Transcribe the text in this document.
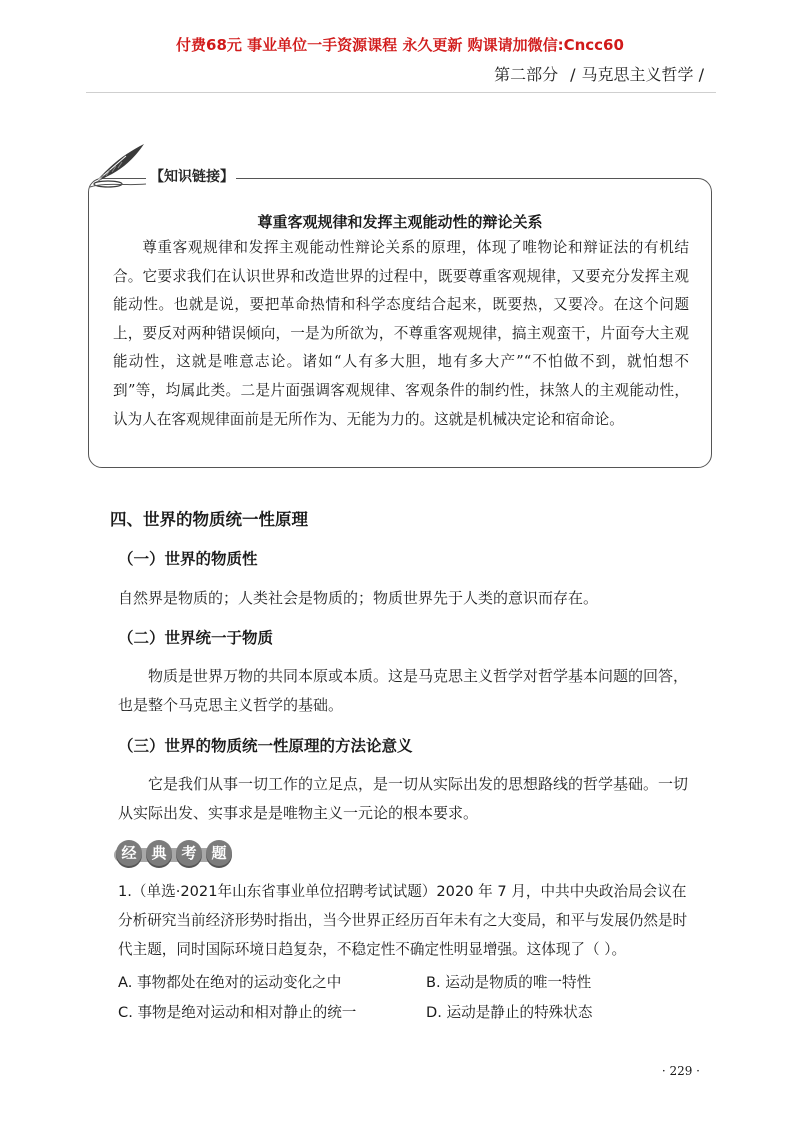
付费68元 事业单位一手资源课程 永久更新 购课请加微信:Cncc60
第二部分 / 马克思主义哲学 /
【知识链接】
尊重客观规律和发挥主观能动性的辩论关系

尊重客观规律和发挥主观能动性辩论关系的原理，体现了唯物论和辩证法的有机结合。它要求我们在认识世界和改造世界的过程中，既要尊重客观规律，又要充分发挥主观能动性。也就是说，要把革命热情和科学态度结合起来，既要热，又要冷。在这个问题上，要反对两种错误倾向，一是为所欲为，不尊重客观规律，搞主观蛮干，片面夸大主观能动性，这就是唯意志论。诸如“人有多大胆，地有多大产”“不怕做不到，就怕想不到”等，均属此类。二是片面强调客观规律、客观条件的制约性，抹煞人的主观能动性，认为人在客观规律面前是无所作为、无能为力的。这就是机械决定论和宿命论。

四、世界的物质统一性原理
（一）世界的物质性

自然界是物质的；人类社会是物质的；物质世界先于人类的意识而存在。

（二）世界统一于物质

物质是世界万物的共同本原或本质。这是马克思主义哲学对哲学基本问题的回答，也是整个马克思主义哲学的基础。

（三）世界的物质统一性原理的方法论意义

它是我们从事一切工作的立足点，是一切从实际出发的思想路线的哲学基础。一切从实际出发、实事求是是唯物主义一元论的根本要求。

经 典 考 题

1.（单选·2021年山东省事业单位招聘考试试题）2020 年 7 月，中共中央政治局会议在分析研究当前经济形势时指出，当今世界正经历百年未有之大变局，和平与发展仍然是时代主题，同时国际环境日趋复杂，不稳定性不确定性明显增强。这体现了（ ）。

A. 事物都处在绝对的运动变化之中	B. 运动是物质的唯一特性
C. 事物是绝对运动和相对静止的统一	D. 运动是静止的特殊状态
· 229 ·
